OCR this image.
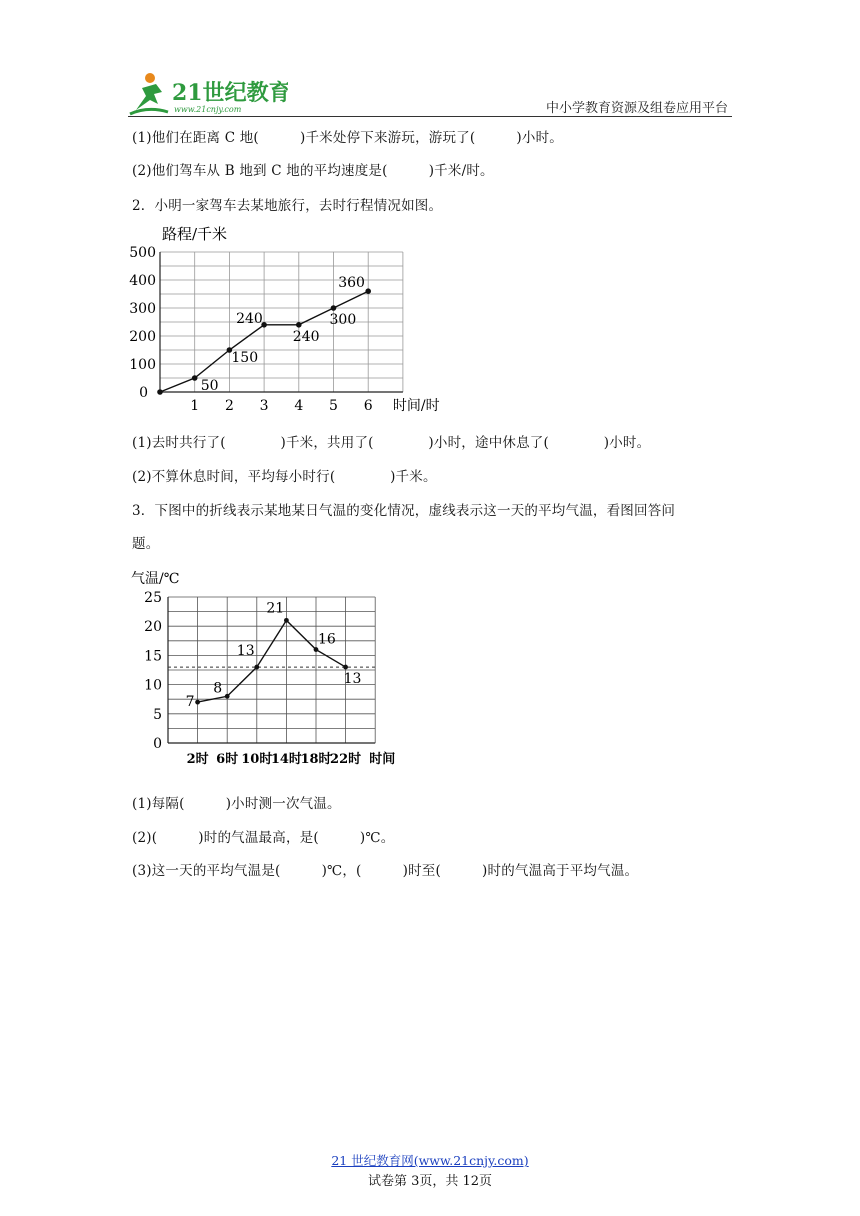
21世纪教育
www.21cnjy.com	中小学教育资源及组卷应用平台
(1)他们在距离 C 地(　　　)千米处停下来游玩，游玩了(　　　)小时。
(2)他们驾车从 B 地到 C 地的平均速度是(　　　)千米/时。
2．小明一家驾车去某地旅行，去时行程情况如图。
0
100
200
300
400
500
1 2 3 4 5 6
路程/千米
时间/时
50
150
240
240
300
360
(1)去时共行了(　　　　)千米，共用了(　　　　)小时，途中休息了(　　　　)小时。
(2)不算休息时间，平均每小时行(　　　　)千米。
3．下图中的折线表示某地某日气温的变化情况，虚线表示这一天的平均气温，看图回答问
题。
0
5
10
15
20
25
2时 6时 10时
14时
18时
22时 时间
气温/℃
7
8
13
21
16
13
(1)每隔(　　　)小时测一次气温。
(2)(　　　)时的气温最高，是(　　　)℃。
(3)这一天的平均气温是(　　　)℃，(　　　)时至(　　　)时的气温高于平均气温。
21 世纪教育网(www.21cnjy.com)
试卷第 3页，共 12页
